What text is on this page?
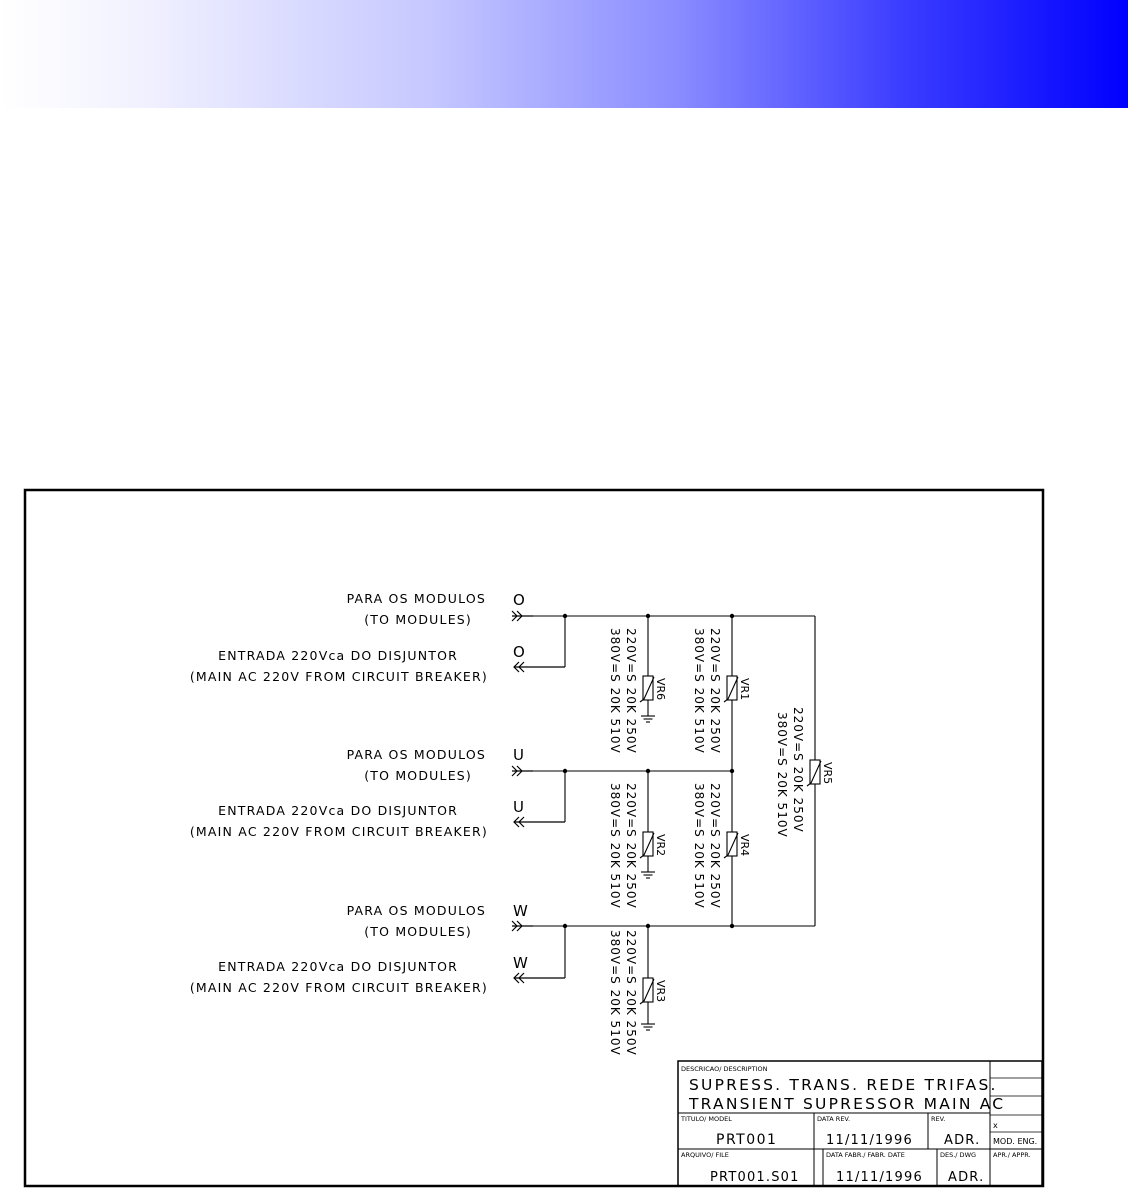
PARA OS MODULOS
(TO MODULES)
ENTRADA 220Vca DO DISJUNTOR
(MAIN AC 220V FROM CIRCUIT BREAKER)
O
O
PARA OS MODULOS
(TO MODULES)
ENTRADA 220Vca DO DISJUNTOR
(MAIN AC 220V FROM CIRCUIT BREAKER)
U
U
PARA OS MODULOS
(TO MODULES)
ENTRADA 220Vca DO DISJUNTOR
(MAIN AC 220V FROM CIRCUIT BREAKER)
W
W
VR6
220V=S 20K 250V
380V=S 20K 510V	VR1
220V=S 20K 250V
380V=S 20K 510V
VR5
220V=S 20K 250V
380V=S 20K 510V
VR2
220V=S 20K 250V
380V=S 20K 510V	VR4
220V=S 20K 250V
380V=S 20K 510V
VR3
220V=S 20K 250V
380V=S 20K 510V
DESCRICAO/ DESCRIPTION
SUPRESS. TRANS. REDE TRIFAS.
TRANSIENT SUPRESSOR MAIN AC
TITULO/ MODEL
PRT001
DATA REV.
11/11/1996
REV.
ADR.
ARQUIVO/ FILE
PRT001.S01
DATA FABR./ FABR. DATE
11/11/1996
DES./ DWG
ADR.
APR./ APPR.
x
MOD. ENG.
